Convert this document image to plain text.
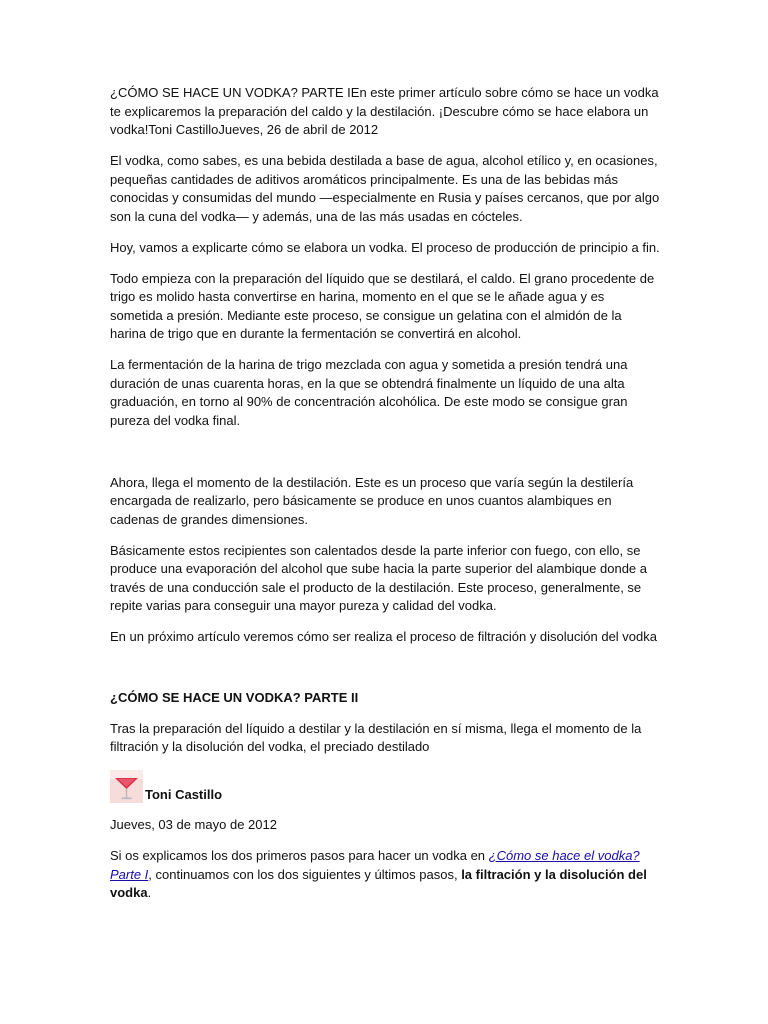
¿CÓMO SE HACE UN VODKA? PARTE IEn este primer artículo sobre cómo se hace un vodka te explicaremos la preparación del caldo y la destilación. ¡Descubre cómo se hace elabora un vodka!Toni CastilloJueves, 26 de abril de 2012

El vodka, como sabes, es una bebida destilada a base de agua, alcohol etílico y, en ocasiones, pequeñas cantidades de aditivos aromáticos principalmente. Es una de las bebidas más conocidas y consumidas del mundo —especialmente en Rusia y países cercanos, que por algo son la cuna del vodka— y además, una de las más usadas en cócteles.

Hoy, vamos a explicarte cómo se elabora un vodka. El proceso de producción de principio a fin.

Todo empieza con la preparación del líquido que se destilará, el caldo. El grano procedente de trigo es molido hasta convertirse en harina, momento en el que se le añade agua y es sometida a presión. Mediante este proceso, se consigue un gelatina con el almidón de la harina de trigo que en durante la fermentación se convertirá en alcohol.

La fermentación de la harina de trigo mezclada con agua y sometida a presión tendrá una duración de unas cuarenta horas, en la que se obtendrá finalmente un líquido de una alta graduación, en torno al 90% de concentración alcohólica. De este modo se consigue gran pureza del vodka final.

Ahora, llega el momento de la destilación. Este es un proceso que varía según la destilería encargada de realizarlo, pero básicamente se produce en unos cuantos alambiques en cadenas de grandes dimensiones.

Básicamente estos recipientes son calentados desde la parte inferior con fuego, con ello, se produce una evaporación del alcohol que sube hacia la parte superior del alambique donde a través de una conducción sale el producto de la destilación. Este proceso, generalmente, se repite varias para conseguir una mayor pureza y calidad del vodka.

En un próximo artículo veremos cómo ser realiza el proceso de filtración y disolución del vodka

¿CÓMO SE HACE UN VODKA? PARTE II

Tras la preparación del líquido a destilar y la destilación en sí misma, llega el momento de la filtración y la disolución del vodka, el preciado destilado

Toni Castillo

Jueves, 03 de mayo de 2012

Si os explicamos los dos primeros pasos para hacer un vodka en ¿Cómo se hace el vodka? Parte I, continuamos con los dos siguientes y últimos pasos, la filtración y la disolución del vodka.
